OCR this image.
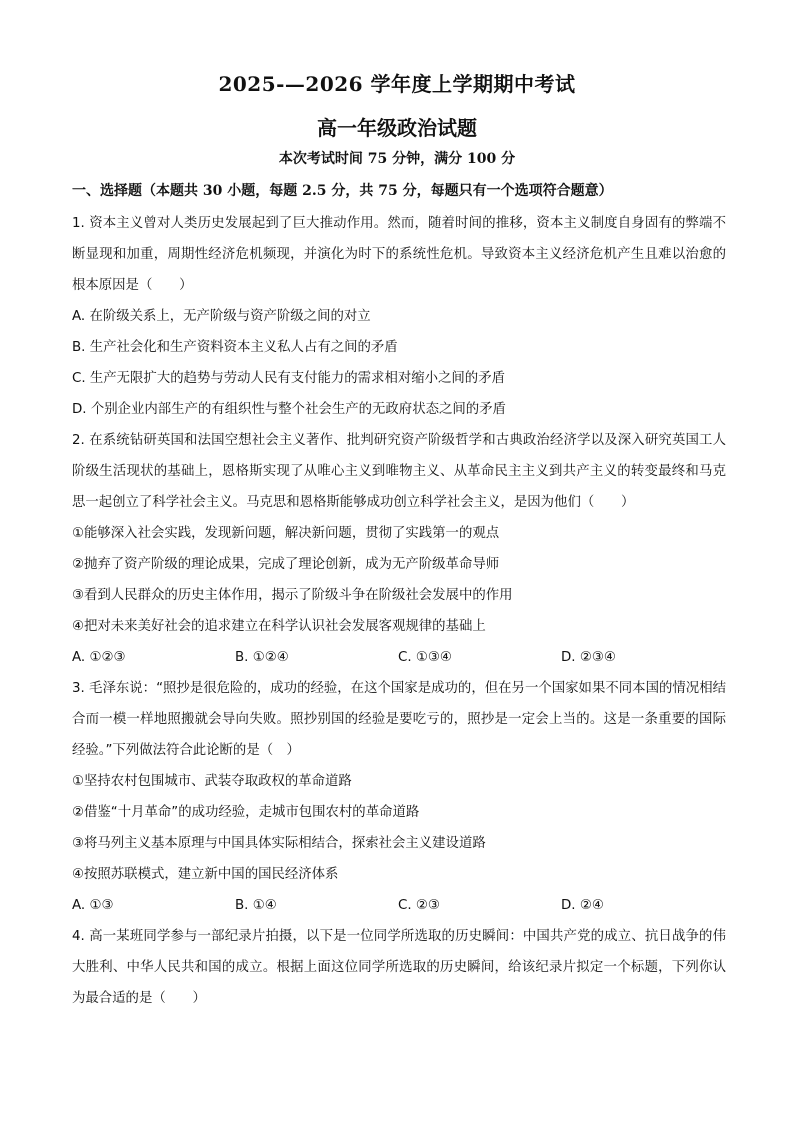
2025-—2026 学年度上学期期中考试
高一年级政治试题
本次考试时间 75 分钟，满分 100 分
一、选择题（本题共 30 小题，每题 2.5 分，共 75 分，每题只有一个选项符合题意）

1. 资本主义曾对人类历史发展起到了巨大推动作用。然而，随着时间的推移，资本主义制度自身固有的弊端不断显现和加重，周期性经济危机频现，并演化为时下的系统性危机。导致资本主义经济危机产生且难以治愈的根本原因是（　　）

A. 在阶级关系上，无产阶级与资产阶级之间的对立

B. 生产社会化和生产资料资本主义私人占有之间的矛盾

C. 生产无限扩大的趋势与劳动人民有支付能力的需求相对缩小之间的矛盾

D. 个别企业内部生产的有组织性与整个社会生产的无政府状态之间的矛盾

2. 在系统钻研英国和法国空想社会主义著作、批判研究资产阶级哲学和古典政治经济学以及深入研究英国工人阶级生活现状的基础上，恩格斯实现了从唯心主义到唯物主义、从革命民主主义到共产主义的转变最终和马克思一起创立了科学社会主义。马克思和恩格斯能够成功创立科学社会主义，是因为他们（　　）

①能够深入社会实践，发现新问题，解决新问题，贯彻了实践第一的观点

②抛弃了资产阶级的理论成果，完成了理论创新，成为无产阶级革命导师

③看到人民群众的历史主体作用，揭示了阶级斗争在阶级社会发展中的作用

④把对未来美好社会的追求建立在科学认识社会发展客观规律的基础上

A. ①②③	B. ①②④	C. ①③④	D. ②③④

3. 毛泽东说：“照抄是很危险的，成功的经验，在这个国家是成功的，但在另一个国家如果不同本国的情况相结合而一模一样地照搬就会导向失败。照抄别国的经验是要吃亏的，照抄是一定会上当的。这是一条重要的国际经验。”下列做法符合此论断的是（　）

①坚持农村包围城市、武装夺取政权的革命道路

②借鉴“十月革命”的成功经验，走城市包围农村的革命道路

③将马列主义基本原理与中国具体实际相结合，探索社会主义建设道路

④按照苏联模式，建立新中国的国民经济体系

A. ①③	B. ①④	C. ②③	D. ②④

4. 高一某班同学参与一部纪录片拍摄，以下是一位同学所选取的历史瞬间：中国共产党的成立、抗日战争的伟大胜利、中华人民共和国的成立。根据上面这位同学所选取的历史瞬间，给该纪录片拟定一个标题，下列你认为最合适的是（　　）
